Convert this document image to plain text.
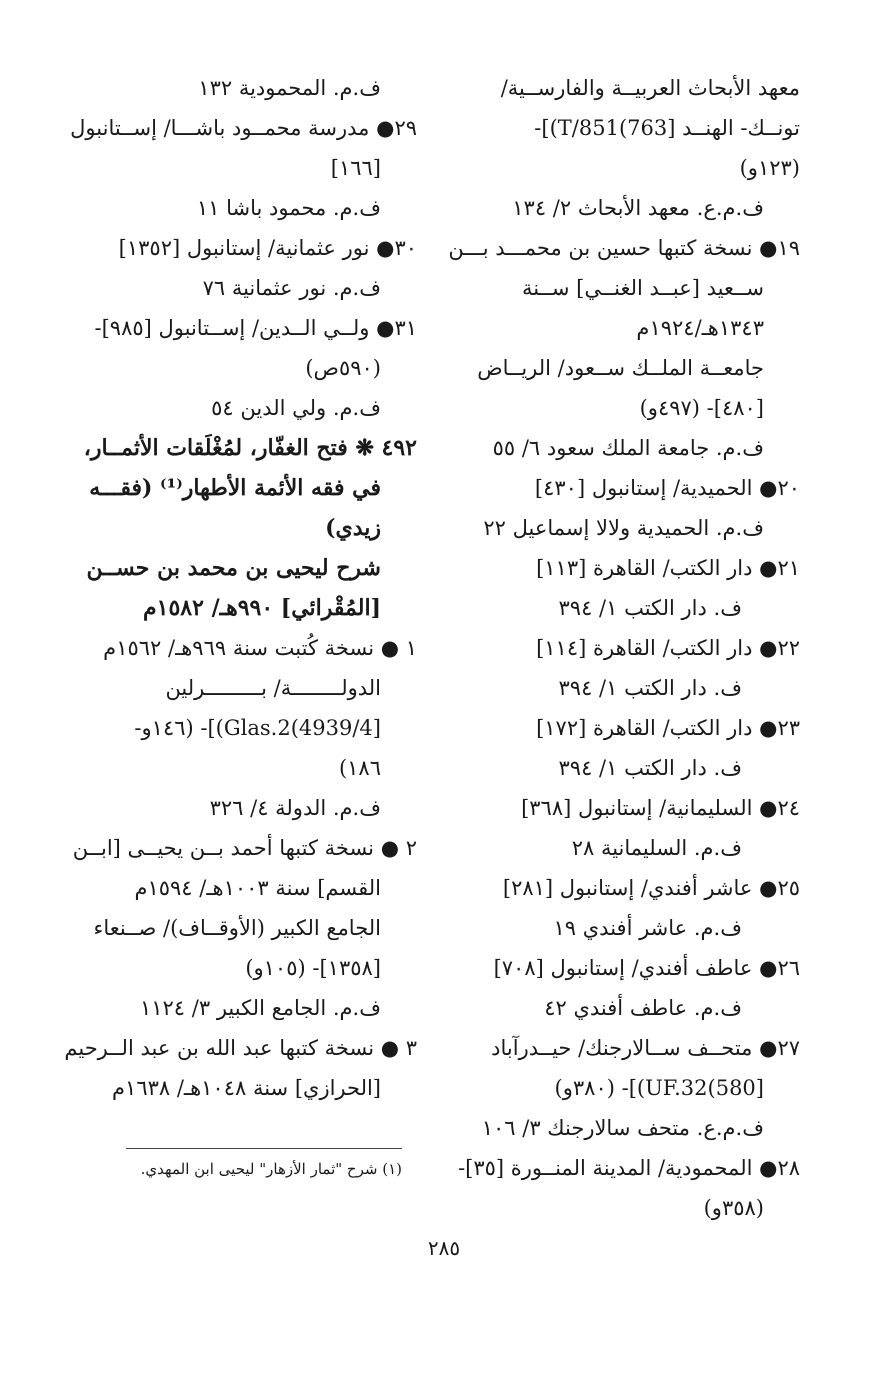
معهد الأبحاث العربيــة والفارســية/
تونــك- الهنــد [763)T/851)]-
(١٢٣و)
ف.م.ع. معهد الأبحاث ٢/ ١٣٤
١٩● نسخة كتبها حسين بن محمـــد بـــن
ســعيد [عبــد الغنــي] ســنة
١٣٤٣هـ/١٩٢٤م
جامعــة الملــك ســعود/ الريــاض
[٤٨٠]- (٤٩٧و)
ف.م. جامعة الملك سعود ٦/ ٥٥
٢٠● الحميدية/ إستانبول [٤٣٠]
ف.م. الحميدية ولالا إسماعيل ٢٢
٢١● دار الكتب/ القاهرة [١١٣]
ف. دار الكتب ١/ ٣٩٤
٢٢● دار الكتب/ القاهرة [١١٤]
ف. دار الكتب ١/ ٣٩٤
٢٣● دار الكتب/ القاهرة [١٧٢]
ف. دار الكتب ١/ ٣٩٤
٢٤● السليمانية/ إستانبول [٣٦٨]
ف.م. السليمانية ٢٨
٢٥● عاشر أفندي/ إستانبول [٢٨١]
ف.م. عاشر أفندي ١٩
٢٦● عاطف أفندي/ إستانبول [٧٠٨]
ف.م. عاطف أفندي ٤٢
٢٧● متحــف ســالارجنك/ حيــدرآباد
[580)UF.32)]- (٣٨٠و)
ف.م.ع. متحف سالارجنك ٣/ ١٠٦
٢٨● المحمودية/ المدينة المنــورة [٣٥]-
(٣٥٨و)
ف.م. المحمودية ١٣٢
٢٩● مدرسة محمــود باشـــا/ إســتانبول
[١٦٦]
ف.م. محمود باشا ١١
٣٠● نور عثمانية/ إستانبول [١٣٥٢]
ف.م. نور عثمانية ٧٦
٣١● ولــي الــدين/ إســتانبول [٩٨٥]-
(٥٩٠ص)
ف.م. ولي الدين ٥٤
٤٩٢ ❋ فتح الغفّار، لمُغْلَقات الأثمــار،
في فقه الأئمة الأطهار⁽¹⁾ (فقـــه
زيدي)
شرح ليحيى بن محمد بن حســن
[المُقْرائي] ٩٩٠هـ/ ١٥٨٢م
١ ● نسخة كُتبت سنة ٩٦٩هـ/ ١٥٦٢م
الدولــــــــة/ بـــــــــرلين
[4939/4)Glas.2)]- (١٤٦و-
١٨٦)
ف.م. الدولة ٤/ ٣٢٦
٢ ● نسخة كتبها أحمد بــن يحيــى [ابــن
القسم] سنة ١٠٠٣هـ/ ١٥٩٤م
الجامع الكبير (الأوقــاف)/ صــنعاء
[١٣٥٨]- (١٠٥و)
ف.م. الجامع الكبير ٣/ ١١٢٤
٣ ● نسخة كتبها عبد الله بن عبد الــرحيم
[الحرازي] سنة ١٠٤٨هـ/ ١٦٣٨م
(١) شرح "ثمار الأزهار" ليحيى ابن المهدي.
٢٨٥
